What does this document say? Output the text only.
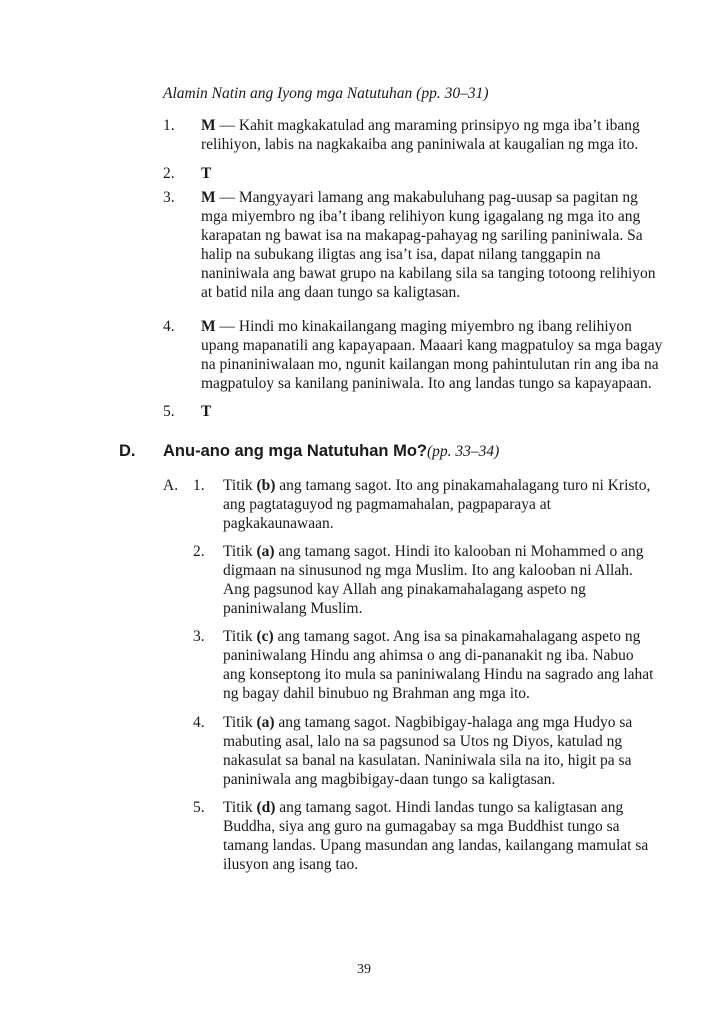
Alamin Natin ang Iyong mga Natutuhan (pp. 30–31)
1. M — Kahit magkakatulad ang maraming prinsipyo ng mga iba’t ibang
relihiyon, labis na nagkakaiba ang paniniwala at kaugalian ng mga ito.
2. T
3. M — Mangyayari lamang ang makabuluhang pag-uusap sa pagitan ng
mga miyembro ng iba’t ibang relihiyon kung igagalang ng mga ito ang
karapatan ng bawat isa na makapag-pahayag ng sariling paniniwala. Sa
halip na subukang iligtas ang isa’t isa, dapat nilang tanggapin na
naniniwala ang bawat grupo na kabilang sila sa tanging totoong relihiyon
at batid nila ang daan tungo sa kaligtasan.
4. M — Hindi mo kinakailangang maging miyembro ng ibang relihiyon
upang mapanatili ang kapayapaan. Maaari kang magpatuloy sa mga bagay
na pinaniniwalaan mo, ngunit kailangan mong pahintulutan rin ang iba na
magpatuloy sa kanilang paniniwala. Ito ang landas tungo sa kapayapaan.
5. T
D. Anu-ano ang mga Natutuhan Mo?(pp. 33–34)
A. 1. Titik (b) ang tamang sagot. Ito ang pinakamahalagang turo ni Kristo,
ang pagtataguyod ng pagmamahalan, pagpaparaya at
pagkakaunawaan.
2. Titik (a) ang tamang sagot. Hindi ito kalooban ni Mohammed o ang
digmaan na sinusunod ng mga Muslim. Ito ang kalooban ni Allah.
Ang pagsunod kay Allah ang pinakamahalagang aspeto ng
paniniwalang Muslim.
3. Titik (c) ang tamang sagot. Ang isa sa pinakamahalagang aspeto ng
paniniwalang Hindu ang ahimsa o ang di-pananakit ng iba. Nabuo
ang konseptong ito mula sa paniniwalang Hindu na sagrado ang lahat
ng bagay dahil binubuo ng Brahman ang mga ito.
4. Titik (a) ang tamang sagot. Nagbibigay-halaga ang mga Hudyo sa
mabuting asal, lalo na sa pagsunod sa Utos ng Diyos, katulad ng
nakasulat sa banal na kasulatan. Naniniwala sila na ito, higit pa sa
paniniwala ang magbibigay-daan tungo sa kaligtasan.
5. Titik (d) ang tamang sagot. Hindi landas tungo sa kaligtasan ang
Buddha, siya ang guro na gumagabay sa mga Buddhist tungo sa
tamang landas. Upang masundan ang landas, kailangang mamulat sa
ilusyon ang isang tao.
39
